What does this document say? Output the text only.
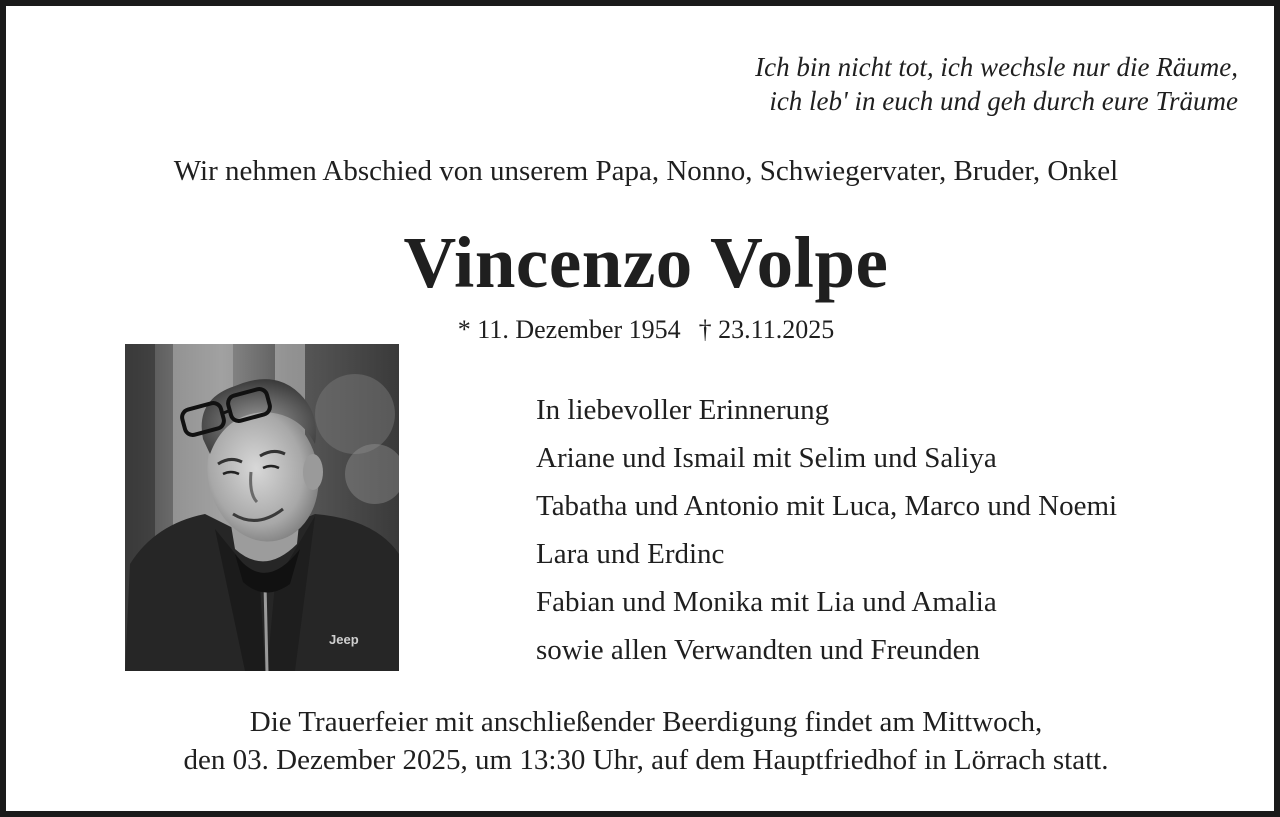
Ich bin nicht tot, ich wechsle nur die Räume,
ich leb' in euch und geh durch eure Träume
Wir nehmen Abschied von unserem Papa, Nonno, Schwiegervater, Bruder, Onkel
Vincenzo Volpe
* 11. Dezember 1954 † 23.11.2025
Jeep
In liebevoller Erinnerung
Ariane und Ismail mit Selim und Saliya
Tabatha und Antonio mit Luca, Marco und Noemi
Lara und Erdinc
Fabian und Monika mit Lia und Amalia
sowie allen Verwandten und Freunden
Die Trauerfeier mit anschließender Beerdigung findet am Mittwoch,
den 03. Dezember 2025, um 13:30 Uhr, auf dem Hauptfriedhof in Lörrach statt.
